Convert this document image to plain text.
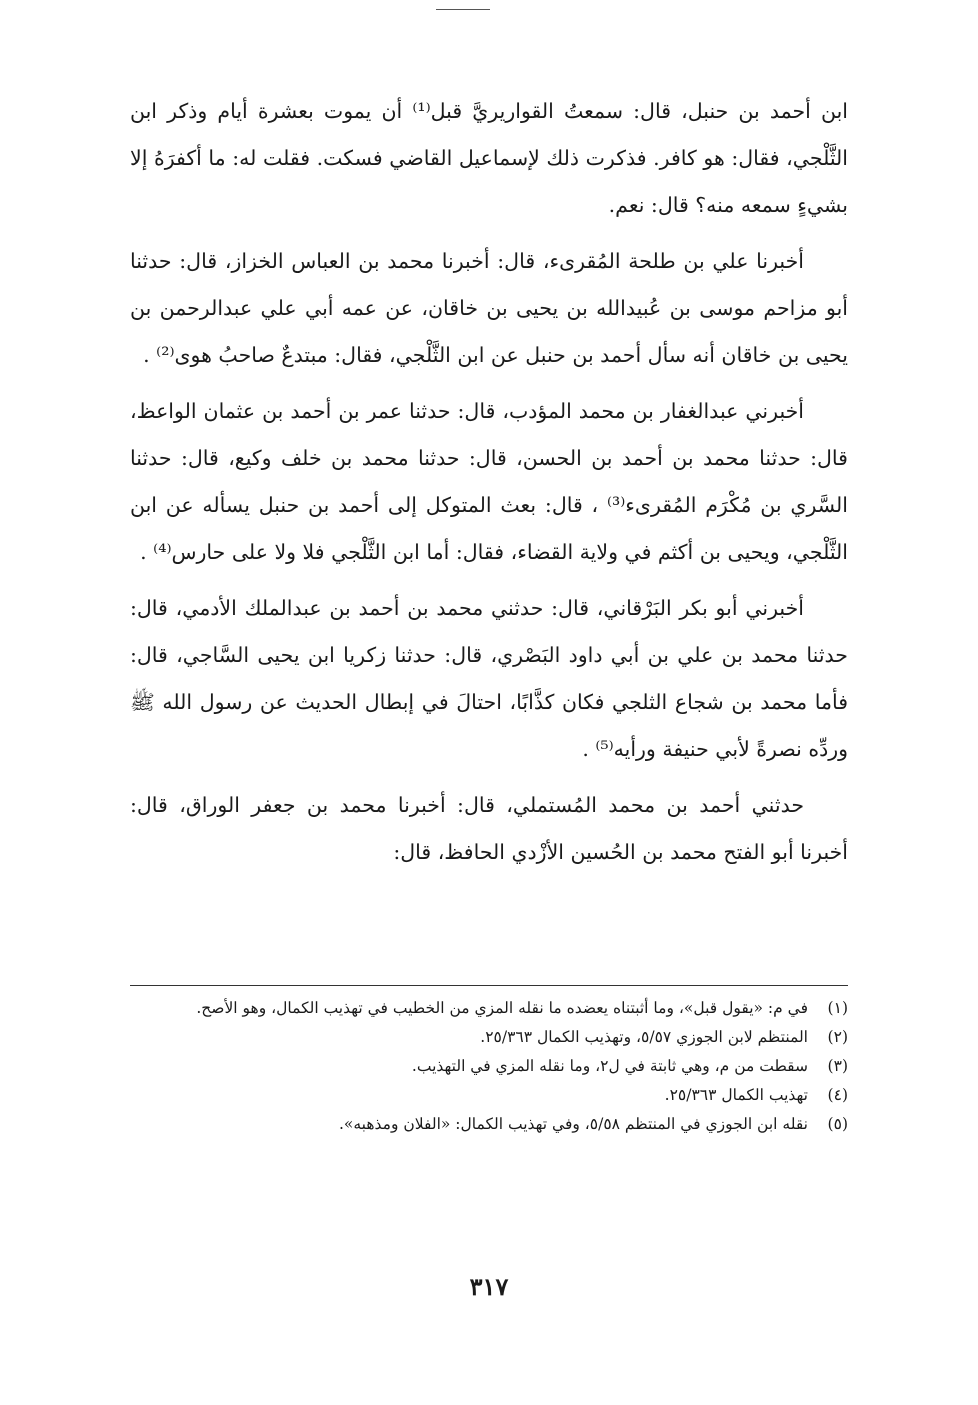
ابن أحمد بن حنبل، قال: سمعتُ القواريريَّ قبل⁽¹⁾ أن يموت بعشرة أيام وذكر ابن الثَّلْجي، فقال: هو كافر. فذكرت ذلك لإسماعيل القاضي فسكت. فقلت له: ما أكفرَهُ إلا بشيءٍ سمعه منه؟ قال: نعم.
أخبرنا علي بن طلحة المُقرىء، قال: أخبرنا محمد بن العباس الخزاز، قال: حدثنا أبو مزاحم موسى بن عُبيدالله بن يحيى بن خاقان، عن عمه أبي علي عبدالرحمن بن يحيى بن خاقان أنه سأل أحمد بن حنبل عن ابن الثَّلْجي، فقال: مبتدعٌ صاحبُ هوى⁽²⁾ .
أخبرني عبدالغفار بن محمد المؤدب، قال: حدثنا عمر بن أحمد بن عثمان الواعظ، قال: حدثنا محمد بن أحمد بن الحسن، قال: حدثنا محمد بن خلف وكيع، قال: حدثنا السَّري بن مُكْرَم المُقرىء⁽³⁾ ، قال: بعث المتوكل إلى أحمد بن حنبل يسأله عن ابن الثَّلْجي، ويحيى بن أكثم في ولاية القضاء، فقال: أما ابن الثَّلْجي فلا ولا على حارس⁽⁴⁾ .
أخبرني أبو بكر البَرْقاني، قال: حدثني محمد بن أحمد بن عبدالملك الأدمي، قال: حدثنا محمد بن علي بن أبي داود البَصْري، قال: حدثنا زكريا ابن يحيى السَّاجي، قال: فأما محمد بن شجاع الثلجي فكان كذَّابًا، احتالَ في إبطال الحديث عن رسول الله ﷺ وردِّه نصرةً لأبي حنيفة ورأيه⁽⁵⁾ .
حدثني أحمد بن محمد المُستملي، قال: أخبرنا محمد بن جعفر الوراق، قال: أخبرنا أبو الفتح محمد بن الحُسين الأزْدي الحافظ، قال:
(١)
في م: «يقول قبل»، وما أثبتناه يعضده ما نقله المزي من الخطيب في تهذيب الكمال، وهو الأصح.
(٢)
المنتظم لابن الجوزي ٥/٥٧، وتهذيب الكمال ٢٥/٣٦٣.
(٣)
سقطت من م، وهي ثابتة في ل٢، وما نقله المزي في التهذيب.
(٤)
تهذيب الكمال ٢٥/٣٦٣.
(٥)
نقله ابن الجوزي في المنتظم ٥/٥٨، وفي تهذيب الكمال: «الفلان ومذهبه».
٣١٧
